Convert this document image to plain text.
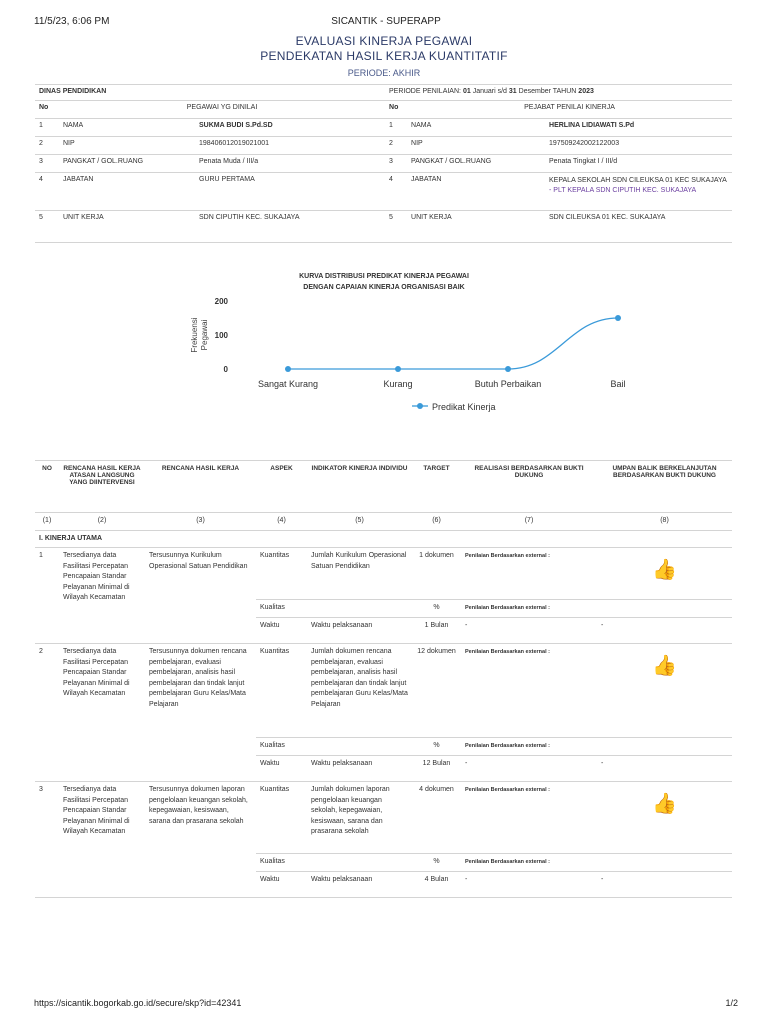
11/5/23, 6:06 PM	SICANTIK - SUPERAPP
EVALUASI KINERJA PEGAWAI
PENDEKATAN HASIL KERJA KUANTITATIF
PERIODE: AKHIR
DINAS PENDIDIKAN			PERIODE PENILAIAN: 01 Januari s/d 31 Desember TAHUN 2023		
No	PEGAWAI YG DINILAI		No	PEJABAT PENILAI KINERJA	
1	NAMA	SUKMA BUDI S.Pd.SD	1	NAMA	HERLINA LIDIAWATI S.Pd
2	NIP	198406012019021001	2	NIP	197509242002122003
3	PANGKAT / GOL.RUANG	Penata Muda / III/a	3	PANGKAT / GOL.RUANG	Penata Tingkat I / III/d
4	JABATAN	GURU PERTAMA	4	JABATAN	KEPALA SEKOLAH SDN CILEUKSA 01 KEC SUKAJAYA - PLT KEPALA SDN CIPUTIH KEC. SUKAJAYA
5	UNIT KERJA	SDN CIPUTIH KEC. SUKAJAYA	5	UNIT KERJA	SDN CILEUKSA 01 KEC. SUKAJAYA
KURVA DISTRIBUSI PREDIKAT KINERJA PEGAWAI
DENGAN CAPAIAN KINERJA ORGANISASI BAIK
Frekuensi Pegawai
0
100
200
Sangat Kurang	Kurang	Butuh Perbaikan	Bail
Predikat Kinerja
NO	RENCANA HASIL KERJA ATASAN LANGSUNG YANG DIINTERVENSI	RENCANA HASIL KERJA	ASPEK	INDIKATOR KINERJA INDIVIDU	TARGET	REALISASI BERDASARKAN BUKTI DUKUNG	UMPAN BALIK BERKELANJUTAN BERDASARKAN BUKTI DUKUNG
(1)	(2)	(3)	(4)	(5)	(6)	(7)	(8)
I. KINERJA UTAMA							
1	Tersedianya data Fasilitasi Percepatan Pencapaian Standar Pelayanan Minimal di Wilayah Kecamatan	Tersusunnya Kurikulum Operasional Satuan Pendidikan	Kuantitas	Jumlah Kurikulum Operasional Satuan Pendidikan	1 dokumen	Penilaian Berdasarkan external :	👍

			Kualitas		%	Penilaian Berdasarkan external :	
			Waktu	Waktu pelaksanaan	1 Bulan	-	-
2	Tersedianya data Fasilitasi Percepatan Pencapaian Standar Pelayanan Minimal di Wilayah Kecamatan	Tersusunnya dokumen rencana pembelajaran, evaluasi pembelajaran, analisis hasil pembelajaran dan tindak lanjut pembelajaran Guru Kelas/Mata Pelajaran	Kuantitas	Jumlah dokumen rencana pembelajaran, evaluasi pembelajaran, analisis hasil pembelajaran dan tindak lanjut pembelajaran Guru Kelas/Mata Pelajaran	12 dokumen	Penilaian Berdasarkan external :	👍

			Kualitas		%	Penilaian Berdasarkan external :	
			Waktu	Waktu pelaksanaan	12 Bulan	-	-
3	Tersedianya data Fasilitasi Percepatan Pencapaian Standar Pelayanan Minimal di Wilayah Kecamatan	Tersusunnya dokumen laporan pengelolaan keuangan sekolah, kepegawaian, kesiswaan, sarana dan prasarana sekolah	Kuantitas	Jumlah dokumen laporan pengelolaan keuangan sekolah, kepegawaian, kesiswaan, sarana dan prasarana sekolah	4 dokumen	Penilaian Berdasarkan external :	👍

			Kualitas		%	Penilaian Berdasarkan external :	
			Waktu	Waktu pelaksanaan	4 Bulan	-	-
https://sicantik.bogorkab.go.id/secure/skp?id=42341	1/2
